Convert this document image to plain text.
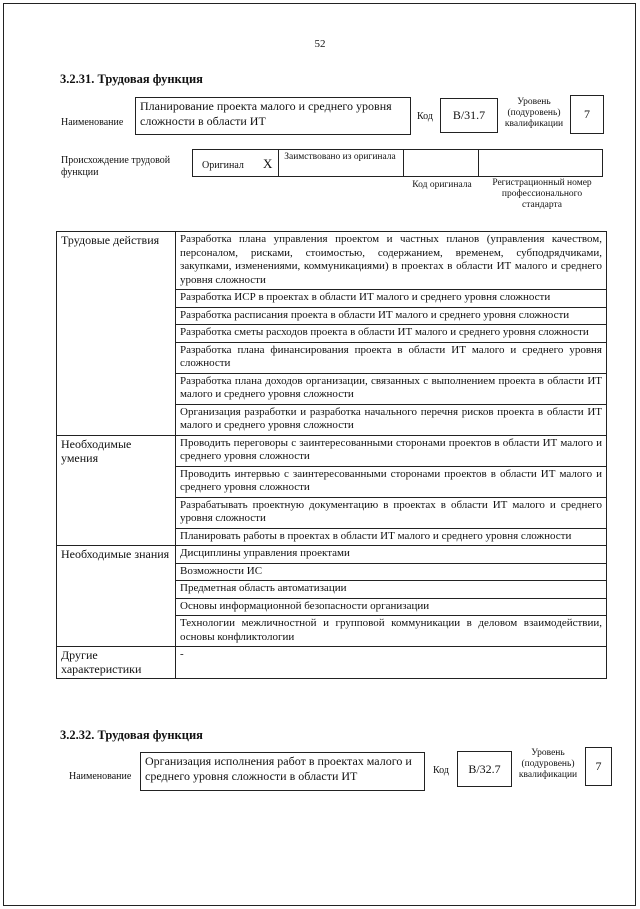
52
3.2.31. Трудовая функция
Наименование
Планирование проекта малого и среднего уровня сложности в области ИТ	Код	B/31.7
Уровень (подуровень) квалификации
7
Происхождение трудовой функции
Оригинал X Заимствовано из оригинала
Код оригинала	Регистрационный номер профессионального стандарта
Трудовые действия	Разработка плана управления проектом и частных планов (управления качеством, персоналом, рисками, стоимостью, содержанием, временем, субподрядчиками, закупками, изменениями, коммуникациями) в проектах в области ИТ малого и среднего уровня сложности
	Разработка ИСР в проектах в области ИТ малого и среднего уровня сложности
	Разработка расписания проекта в области ИТ малого и среднего уровня сложности
	Разработка сметы расходов проекта в области ИТ малого и среднего уровня сложности
	Разработка плана финансирования проекта в области ИТ малого и среднего уровня сложности
	Разработка плана доходов организации, связанных с выполнением проекта в области ИТ малого и среднего уровня сложности
	Организация разработки и разработка начального перечня рисков проекта в области ИТ малого и среднего уровня сложности
Необходимые умения	Проводить переговоры с заинтересованными сторонами проектов в области ИТ малого и среднего уровня сложности
	Проводить интервью с заинтересованными сторонами проектов в области ИТ малого и среднего уровня сложности
	Разрабатывать проектную документацию в проектах в области ИТ малого и среднего уровня сложности
	Планировать работы в проектах в области ИТ малого и среднего уровня сложности
Необходимые знания	Дисциплины управления проектами
	Возможности ИС
	Предметная область автоматизации
	Основы информационной безопасности организации
	Технологии межличностной и групповой коммуникации в деловом взаимодействии, основы конфликтологии
Другие характеристики	-
3.2.32. Трудовая функция
Наименование
Организация исполнения работ в проектах малого и среднего уровня сложности в области ИТ	Код	B/32.7
Уровень (подуровень) квалификации
7
